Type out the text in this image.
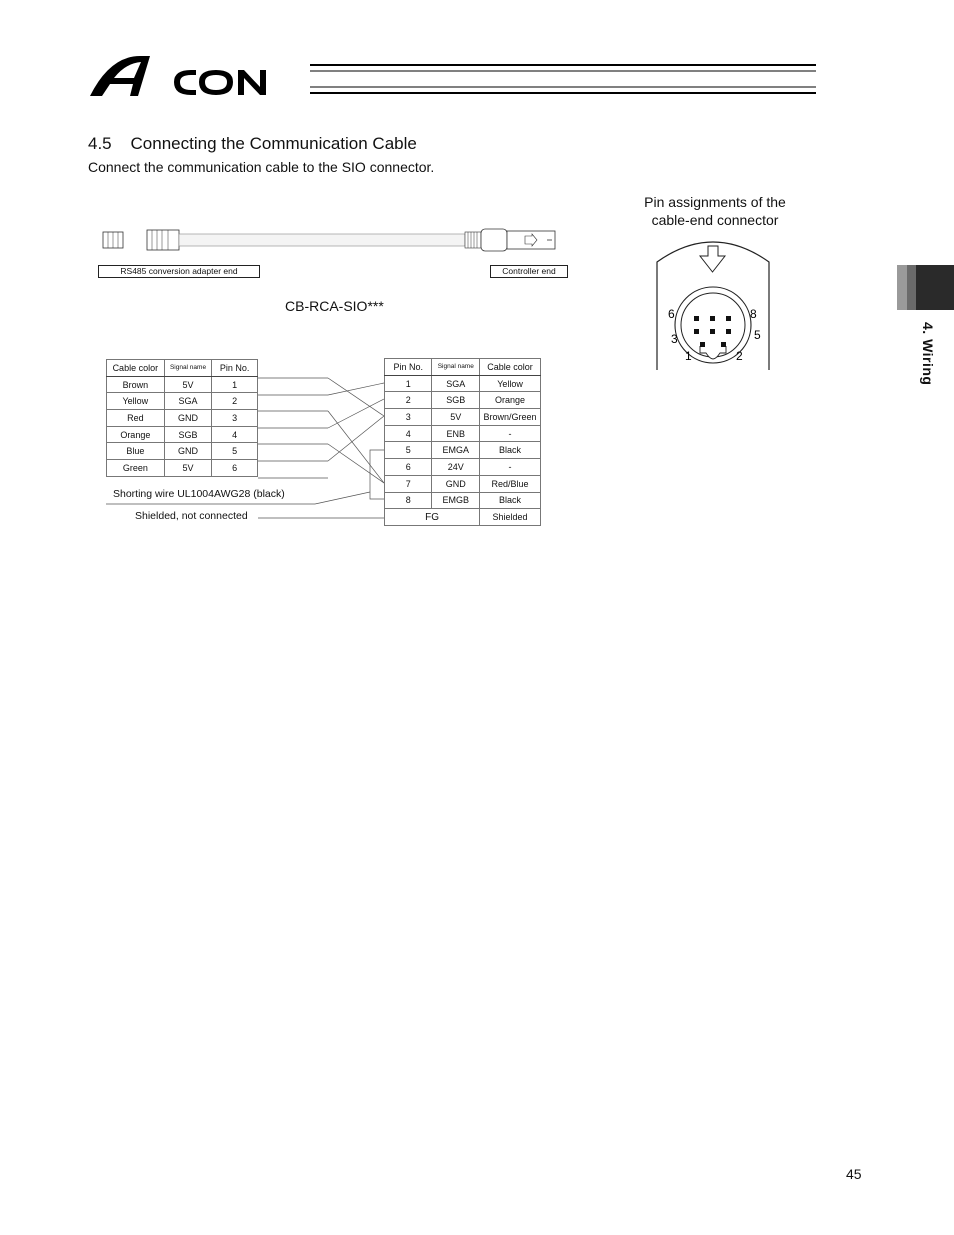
4.5    Connecting the Communication Cable
Connect the communication cable to the SIO connector.
RS485 conversion adapter end	Controller end
CB-RCA-SIO***
Pin assignments of the
cable-end connector
6	8
3	5
1	2	4. Wiring
Cable color	Signal name	Pin No.
Brown	5V	1
Yellow	SGA	2
Red	GND	3
Orange	SGB	4
Blue	GND	5
Green	5V	6
Pin No.	Signal name	Cable color
1	SGA	Yellow
2	SGB	Orange
3	5V	Brown/Green
4	ENB	-
5	EMGA	Black
6	24V	-
7	GND	Red/Blue
8	EMGB	Black
FG		Shielded
Shorting wire UL1004AWG28 (black)
Shielded, not connected
45
